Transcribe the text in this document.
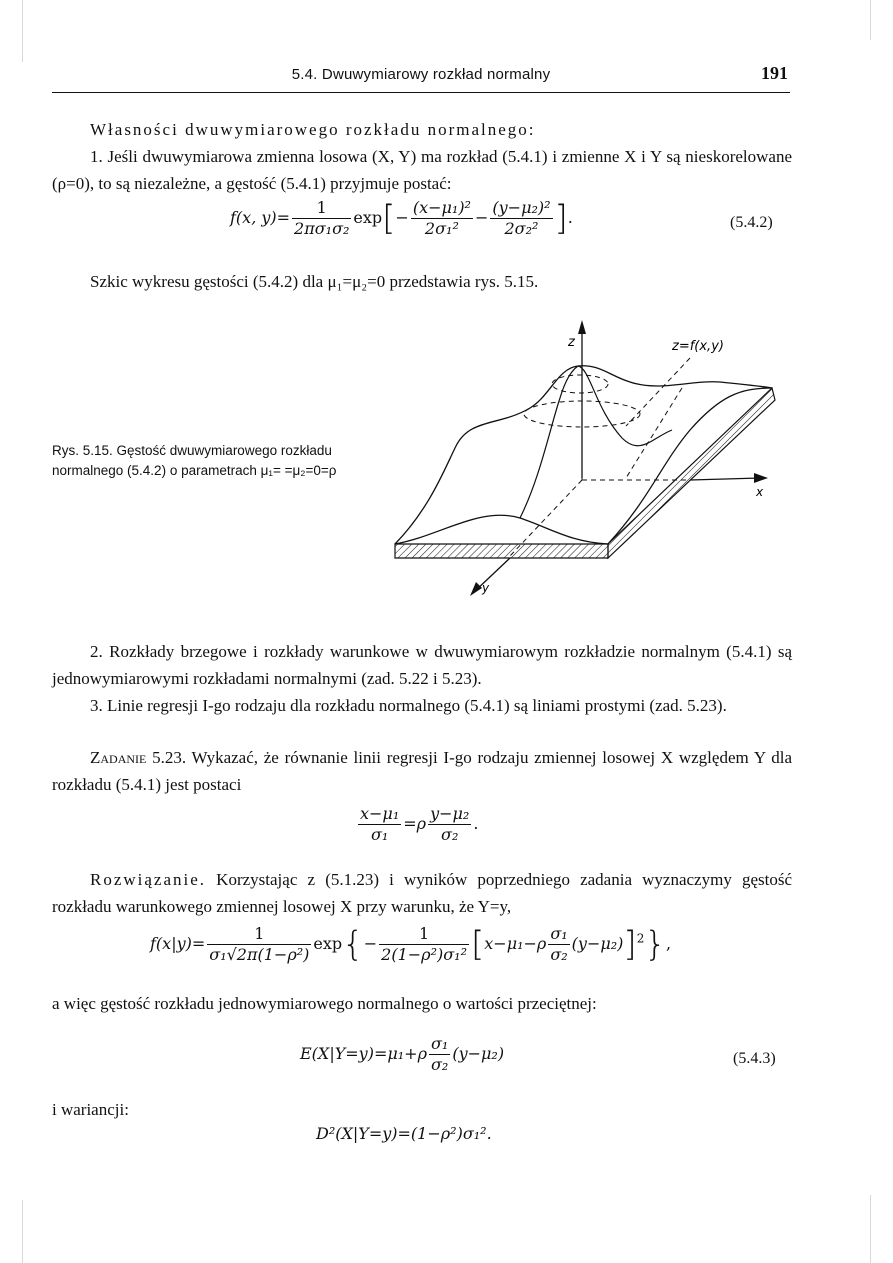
5.4. Dwuwymiarowy rozkład normalny	191
Własności dwuwymiarowego rozkładu normalnego:
1. Jeśli dwuwymiarowa zmienna losowa (X, Y) ma rozkład (5.4.1) i zmienne X i Y są nieskorelowane (ρ=0), to są niezależne, a gęstość (5.4.1) przyjmuje postać:
f(x, $y)= \frac{1}{\text{2πσ₁σ₂}} \exp[- \frac{\text{(x−μ₁)²}}{\text{2σ₁²}} - \frac{\text{(y−μ₂)²}}{\text{2σ₂²}}$ ].	(5.4.2)
Szkic wykresu gęstości (5.4.2) dla μ₁=μ₂=0 przedstawia rys. 5.15.
Rys. 5.15. Gęstość dwuwymiarowego rozkładu normalnego (5.4.2) o parametrach μ₁= =μ₂=0=ρ
z	z=f(x,y)
x
y
2. Rozkłady brzegowe i rozkłady warunkowe w dwuwymiarowym rozkładzie normalnym (5.4.1) są jednowymiarowymi rozkładami normalnymi (zad. 5.22 i 5.23).
3. Linie regresji I-go rodzaju dla rozkładu normalnego (5.4.1) są liniami prostymi (zad. 5.23).
Zadanie 5.23. Wykazać, że równanie linii regresji I-go rodzaju zmiennej losowej X względem Y dla rozkładu (5.4.1) jest postaci
$\frac{\text{x−μ₁}}{\text{σ₁}} =\rho \frac{\text{y−μ₂}}{\text{σ₂}}$ .
Rozwiązanie. Korzystając z (5.1.23) i wyników poprzedniego zadania wyznaczymy gęstość rozkładu warunkowego zmiennej losowej X przy warunku, że Y=y,
$f(x|y)= \frac{1}{\text{σ₁√2π(1−ρ²)}} \exp\{- \frac{1}{\text{2(1−ρ²)σ₁²}} [x-\mu_1-\rho \frac{\text{σ₁}}{\text{σ₂}} (y-\mu_2)]^2\}$,
a więc gęstość rozkładu jednowymiarowego normalnego o wartości przeciętnej:
$E(X|Y=y)=\mu_1+\rho \frac{\text{σ₁}}{\text{σ₂}} (y-\mu_2)$	(5.4.3)
i wariancji:
D²(X|Y=y)=(1−ρ²)σ₁².
